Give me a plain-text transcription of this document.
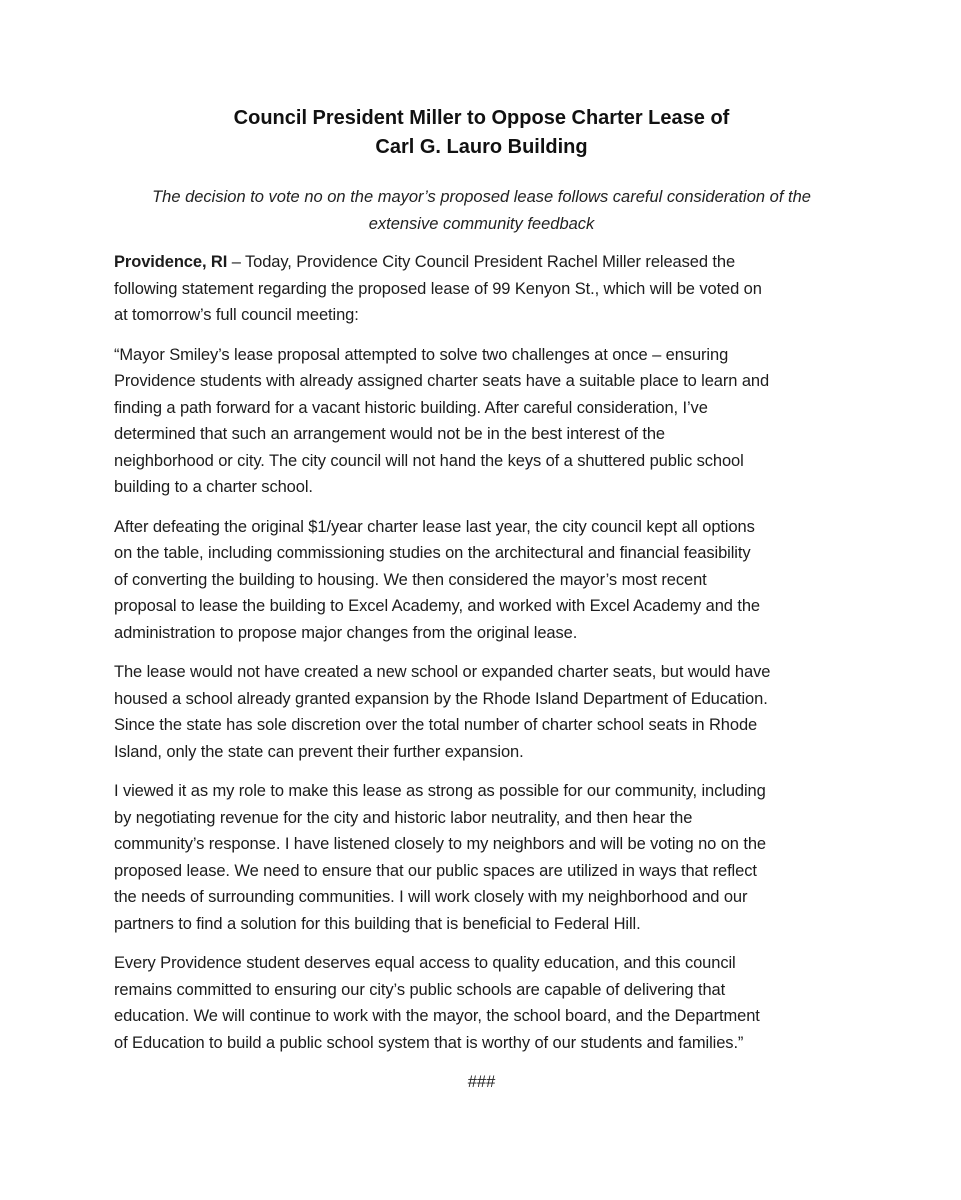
Council President Miller to Oppose Charter Lease of
Carl G. Lauro Building

The decision to vote no on the mayor’s proposed lease follows careful consideration of the
extensive community feedback

Providence, RI – Today, Providence City Council President Rachel Miller released the
following statement regarding the proposed lease of 99 Kenyon St., which will be voted on
at tomorrow’s full council meeting:

“Mayor Smiley’s lease proposal attempted to solve two challenges at once – ensuring
Providence students with already assigned charter seats have a suitable place to learn and
finding a path forward for a vacant historic building. After careful consideration, I’ve
determined that such an arrangement would not be in the best interest of the
neighborhood or city. The city council will not hand the keys of a shuttered public school
building to a charter school.

After defeating the original $1/year charter lease last year, the city council kept all options
on the table, including commissioning studies on the architectural and financial feasibility
of converting the building to housing. We then considered the mayor’s most recent
proposal to lease the building to Excel Academy, and worked with Excel Academy and the
administration to propose major changes from the original lease.

The lease would not have created a new school or expanded charter seats, but would have
housed a school already granted expansion by the Rhode Island Department of Education.
Since the state has sole discretion over the total number of charter school seats in Rhode
Island, only the state can prevent their further expansion.

I viewed it as my role to make this lease as strong as possible for our community, including
by negotiating revenue for the city and historic labor neutrality, and then hear the
community’s response. I have listened closely to my neighbors and will be voting no on the
proposed lease. We need to ensure that our public spaces are utilized in ways that reflect
the needs of surrounding communities. I will work closely with my neighborhood and our
partners to find a solution for this building that is beneficial to Federal Hill.

Every Providence student deserves equal access to quality education, and this council
remains committed to ensuring our city’s public schools are capable of delivering that
education. We will continue to work with the mayor, the school board, and the Department
of Education to build a public school system that is worthy of our students and families.”

###
